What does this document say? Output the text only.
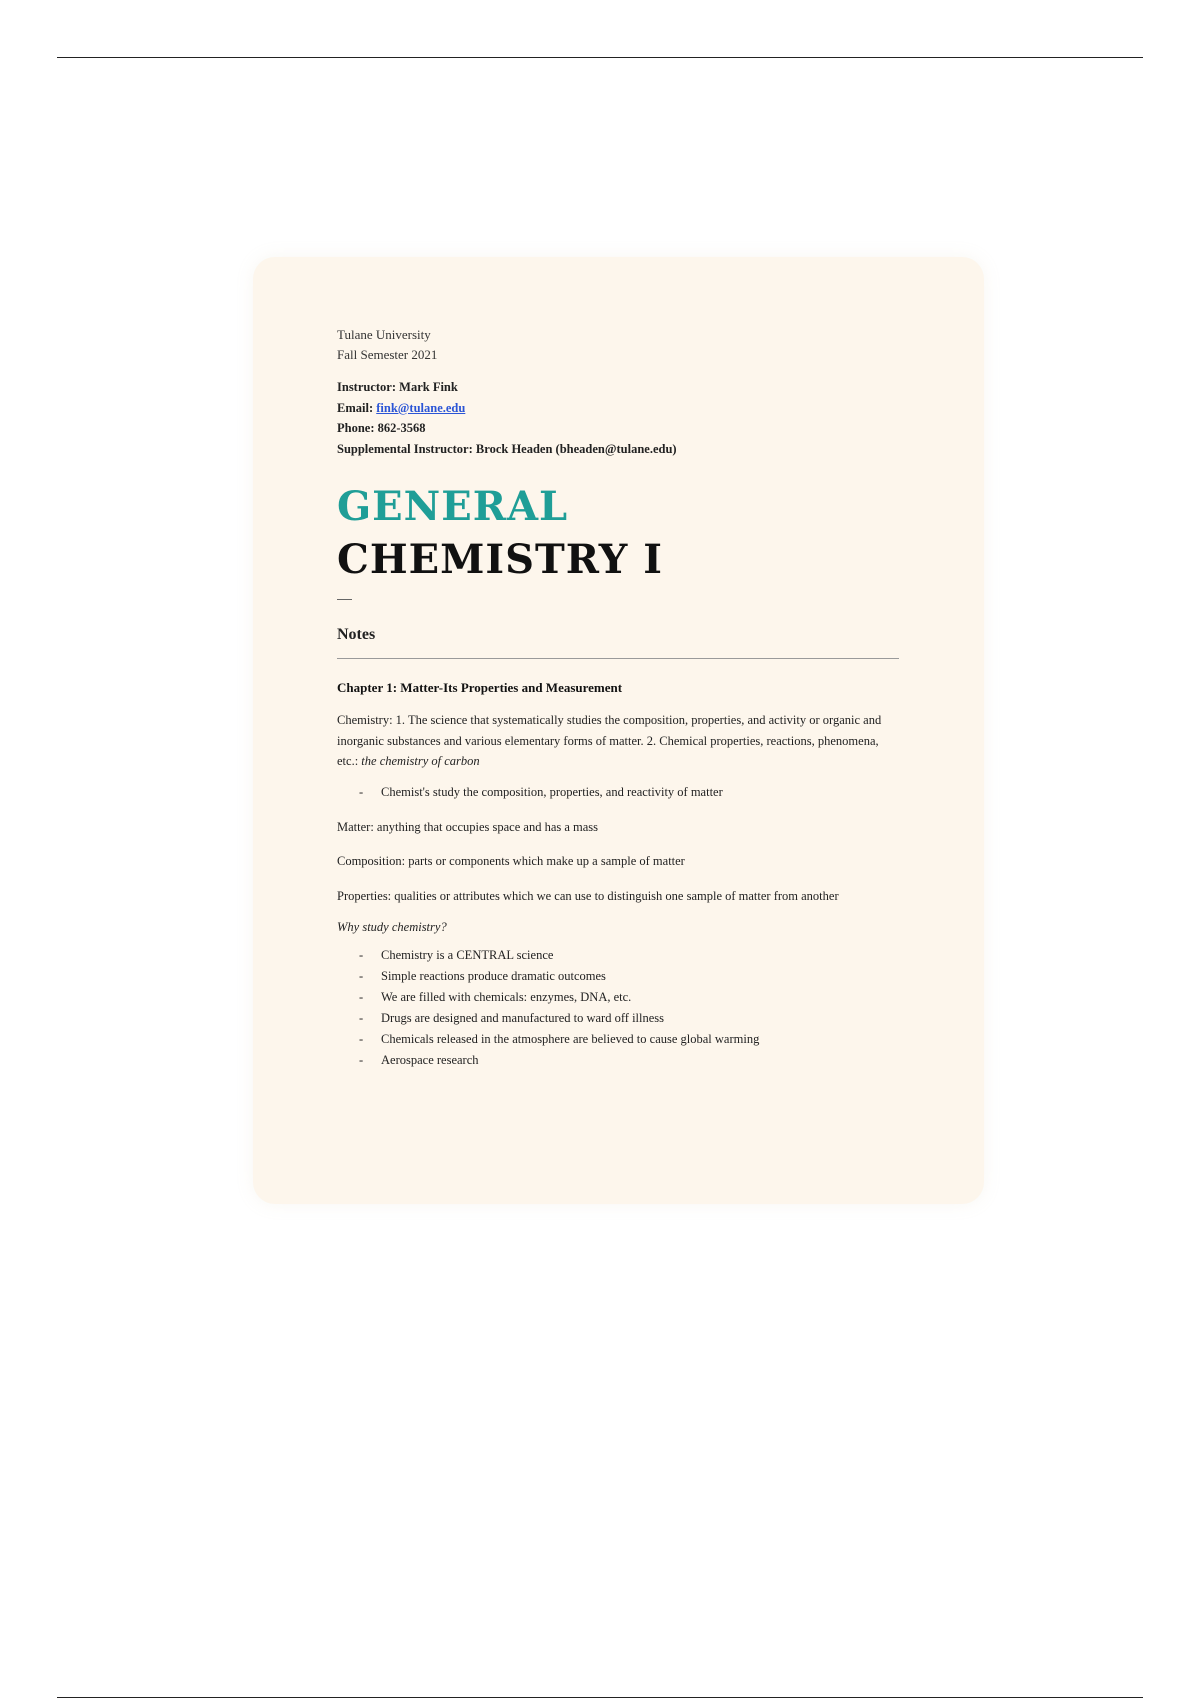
Tulane University
Fall Semester 2021
Instructor: Mark Fink
Email: fink@tulane.edu
Phone: 862-3568
Supplemental Instructor: Brock Headen (bheaden@tulane.edu)
GENERAL
CHEMISTRY I
Notes
Chapter 1: Matter-Its Properties and Measurement
Chemistry: 1. The science that systematically studies the composition, properties, and activity or organic and inorganic substances and various elementary forms of matter. 2. Chemical properties, reactions, phenomena, etc.: the chemistry of carbon
- Chemist's study the composition, properties, and reactivity of matter
Matter: anything that occupies space and has a mass
Composition: parts or components which make up a sample of matter
Properties: qualities or attributes which we can use to distinguish one sample of matter from another
Why study chemistry?
- Chemistry is a CENTRAL science
- Simple reactions produce dramatic outcomes
- We are filled with chemicals: enzymes, DNA, etc.
- Drugs are designed and manufactured to ward off illness
- Chemicals released in the atmosphere are believed to cause global warming
- Aerospace research
